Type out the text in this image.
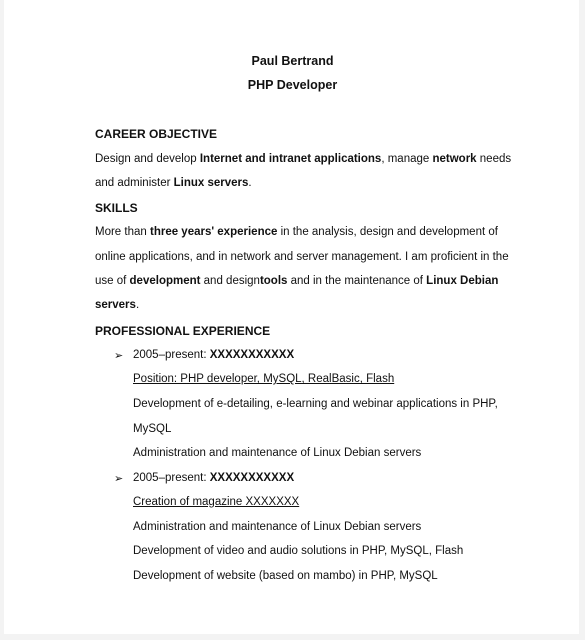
Paul Bertrand
PHP Developer
CAREER OBJECTIVE
Design and develop Internet and intranet applications, manage network needs
and administer Linux servers.
SKILLS
More than three years' experience in the analysis, design and development of
online applications, and in network and server management. I am proficient in the
use of development and designtools and in the maintenance of Linux Debian
servers.
PROFESSIONAL EXPERIENCE
➢ 2005–present: XXXXXXXXXXX
Position: PHP developer, MySQL, RealBasic, Flash
Development of e-detailing, e-learning and webinar applications in PHP,
MySQL
Administration and maintenance of Linux Debian servers
➢ 2005–present: XXXXXXXXXXX
Creation of magazine XXXXXXX
Administration and maintenance of Linux Debian servers
Development of video and audio solutions in PHP, MySQL, Flash
Development of website (based on mambo) in PHP, MySQL
